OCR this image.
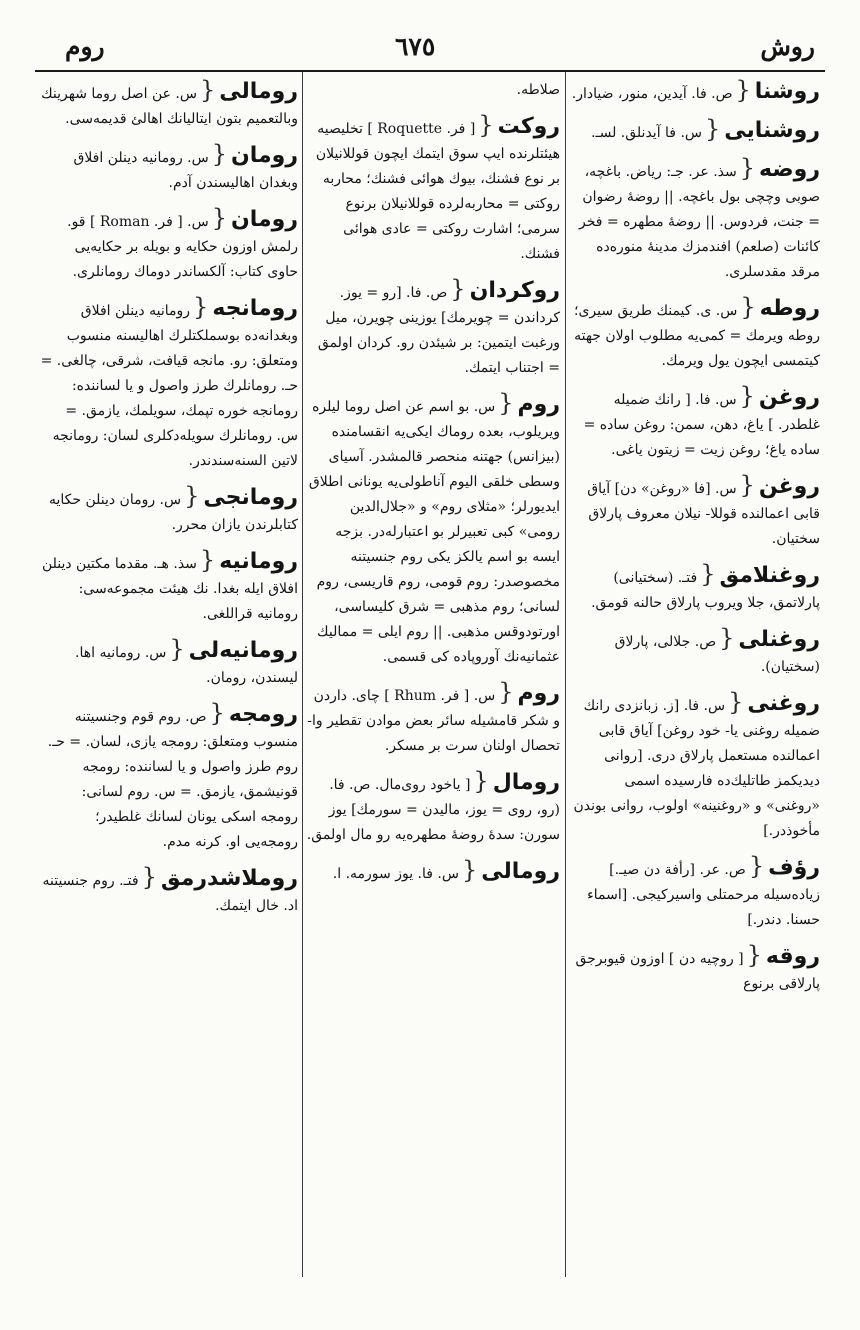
روش
٦٧٥
روم

روشنا{ص. فا. آيدين، منور، ضيادار.

روشنايى{س. فا آيدنلق. لسـ.

روضه{سذ. عر. جـ: رياض. باغچه، صوبى وچچى بول باغچه. || روضهٔ رضوان = جنت، فردوس. || روضهٔ مطهره = فخر كائنات (صلعم) افندمزك مدينهٔ منوره‌ده مرقد مقدسلرى.

روطه{س. ى. كيمنك طريق سيرى؛ روطه ويرمك = كمى‌يه مطلوب اولان جهته كيتمسى ايچون يول ويرمك.

روغن{س. فا. [ رانك ضميله غلطدر. ] ياغ، دهن، سمن: روغن ساده = ساده ياغ؛ روغن زيت = زيتون ياغى.

روغن{س. [فا «روغن» دن] آياق قابى اعمالنده قوللا- نيلان معروف پارلاق سختيان.

روغنلامق{فتـ. (سختيانى) پارلاتمق، جلا ويروب پارلاق حالنه قومق.

روغنلى{ص. جلالى، پارلاق (سختيان).

روغنى{س. فا. [ز. زبانزدى رانك ضميله روغنى يا- خود روغن] آياق قابى اعمالنده مستعمل پارلاق درى. [روانى ديديكمز طاتليك‌ده فارسيده اسمى «روغنى» و «روغنينه» اولوب، روانى بوندن مأخوذدر.]

رؤف{ص. عر. [رأفة دن صيـ.] زياده‌سيله مرحمتلى واسيركيجى. [اسماء حسنا. دندر.]

روقه{[ روچيه دن ] اوزون قيوبرجق پارلاقى برنوع

صلاطه.

روكت{[ فر. Roquette ] تخليصيه هيئتلرنده ايپ سوق ايتمك ايچون قوللانيلان بر نوع فشنك، بيوك هوائى فشنك؛ محاربه روكتى = محاربه‌لرده قوللانيلان برنوع سرمى؛ اشارت روكتى = عادى هوائى فشنك.

روكردان{ص. فا. [رو = يوز. كرداندن = چويرمك] يوزينى چويرن، ميل ورغبت ايتمين: بر شيئدن رو. كردان اولمق = اجتناب ايتمك.

روم{س. بو اسم عن اصل روما ليلره ويريلوب، بعده روماك ايكى‌يه انقسامنده (بيزانس) جهتنه منحصر قالمشدر. آسياى وسطى خلقى اليوم آناطولى‌يه يونانى اطلاق ايديورلر؛ «مثلاى روم» و «جلال‌الدين رومى» كبى تعبيرلر بو اعتبارله‌در. بزجه ايسه بو اسم يالكز يكى روم جنسيتنه مخصوصدر: روم قومى، روم قاريسى، روم لسانى؛ روم مذهبى = شرق كليساسى، اورتودوقس مذهبى. || روم ايلى = مماليك عثمانيه‌نك آوروپاده كى قسمى.

روم{س. [ فر. Rhum ] چاى. داردن و شكر قامشيله سائر بعض موادن تقطير وا-تحصال اولنان سرت بر مسكر.

رومال{[ ياخود روى‌مال. ص. فا. (رو، روى = يوز، ماليدن = سورمك] يوز سورن: سدهٔ روضهٔ مطهره‌يه رو مال اولمق.

رومالى{س. فا. يوز سورمه. ا.

رومالى{س. عن اصل روما شهرينك وبالتعميم بتون ايتاليانك اهالئ قديمه‌سى.

رومان{س. رومانيه دينلن افلاق وبغدان اهاليسندن آدم.

رومان{س. [ فر. Roman ] قو. رلمش اوزون حكايه و بويله بر حكايه‌يى حاوى كتاب: آلكساندر دوماك رومانلرى.

رومانجه{رومانيه دينلن افلاق وبغدانه‌ده بوسملكتلرك اهاليسنه منسوب ومتعلق: رو. مانجه قيافت، شرقى، چالغى. = حـ. رومانلرك طرز واصول و يا لساننده: رومانجه خوره تپمك، سويلمك، يازمق. = س. رومانلرك سويله‌دكلرى لسان: رومانجه لاتين السنه‌سندندر.

رومانجى{س. رومان دينلن حكايه كتابلرندن يازان محرر.

رومانيه{سذ. هـ. مقدما مكتين دينلن افلاق ايله بغدا. نك هيئت مجموعه‌سى: رومانيه قراللغى.

رومانيه‌لى{س. رومانيه اها. ليسندن، رومان.

رومجه{ص. روم قوم وجنسيتنه منسوب ومتعلق: رومجه يازى، لسان. = حـ. روم طرز واصول و يا لساننده: رومجه قونيشمق، يازمق. = س. روم لسانى: رومجه اسكى يونان لسانك غلطيدر؛ رومجه‌يى او. كرنه مدم.

روملاشدرمق{فتـ. روم جنسيتنه اد. خال ايتمك.
